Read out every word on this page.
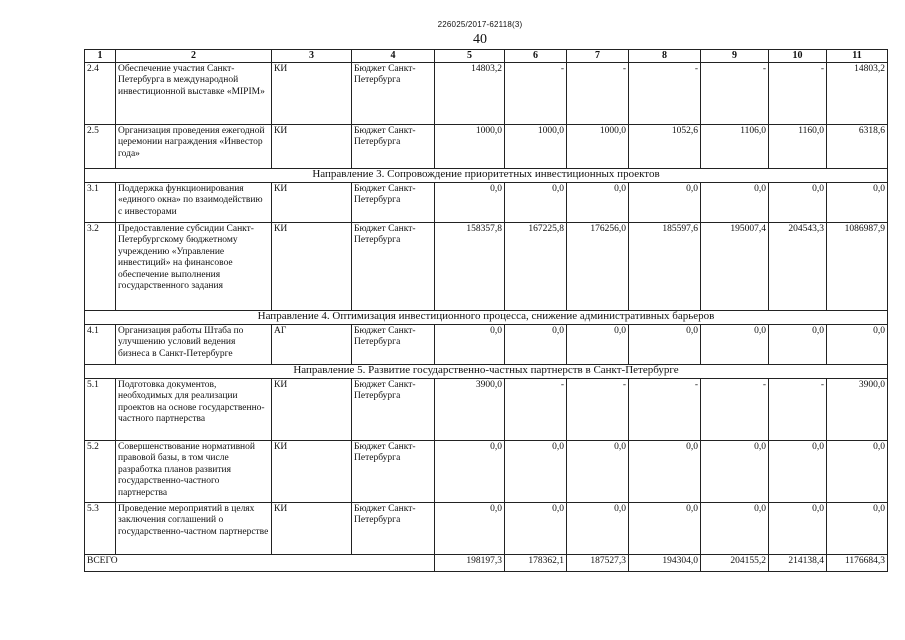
226025/2017-62118(3)
40
1	2	3	4	5	6	7	8	9	10	11
2.4	Обеспечение участия Санкт-Петербурга в международной инвестиционной выставке «MIPIM»	КИ	Бюджет Санкт-Петербурга	14803,2	-	-	-	-	-	14803,2
2.5	Организация проведения ежегодной церемонии награждения «Инвестор года»	КИ	Бюджет Санкт-Петербурга	1000,0	1000,0	1000,0	1052,6	1106,0	1160,0	6318,6
Направление 3. Сопровождение приоритетных инвестиционных проектов										
3.1	Поддержка функционирования «единого окна» по взаимодействию с инвесторами	КИ	Бюджет Санкт-Петербурга	0,0	0,0	0,0	0,0	0,0	0,0	0,0
3.2	Предоставление субсидии Санкт-Петербургскому бюджетному учреждению «Управление инвестиций» на финансовое обеспечение выполнения государственного задания	КИ	Бюджет Санкт-Петербурга	158357,8	167225,8	176256,0	185597,6	195007,4	204543,3	1086987,9
Направление 4. Оптимизация инвестиционного процесса, снижение административных барьеров										
4.1	Организация работы Штаба по улучшению условий ведения бизнеса в Санкт-Петербурге	АГ	Бюджет Санкт-Петербурга	0,0	0,0	0,0	0,0	0,0	0,0	0,0
Направление 5. Развитие государственно-частных партнерств в Санкт-Петербурге										
5.1	Подготовка документов, необходимых для реализации проектов на основе государственно-частного партнерства	КИ	Бюджет Санкт-Петербурга	3900,0	-	-	-	-	-	3900,0
5.2	Совершенствование нормативной правовой базы, в том числе разработка планов развития государственно-частного партнерства	КИ	Бюджет Санкт-Петербурга	0,0	0,0	0,0	0,0	0,0	0,0	0,0
5.3	Проведение мероприятий в целях заключения соглашений о государственно-частном партнерстве	КИ	Бюджет Санкт-Петербурга	0,0	0,0	0,0	0,0	0,0	0,0	0,0
ВСЕГО				198197,3	178362,1	187527,3	194304,0	204155,2	214138,4	1176684,3
